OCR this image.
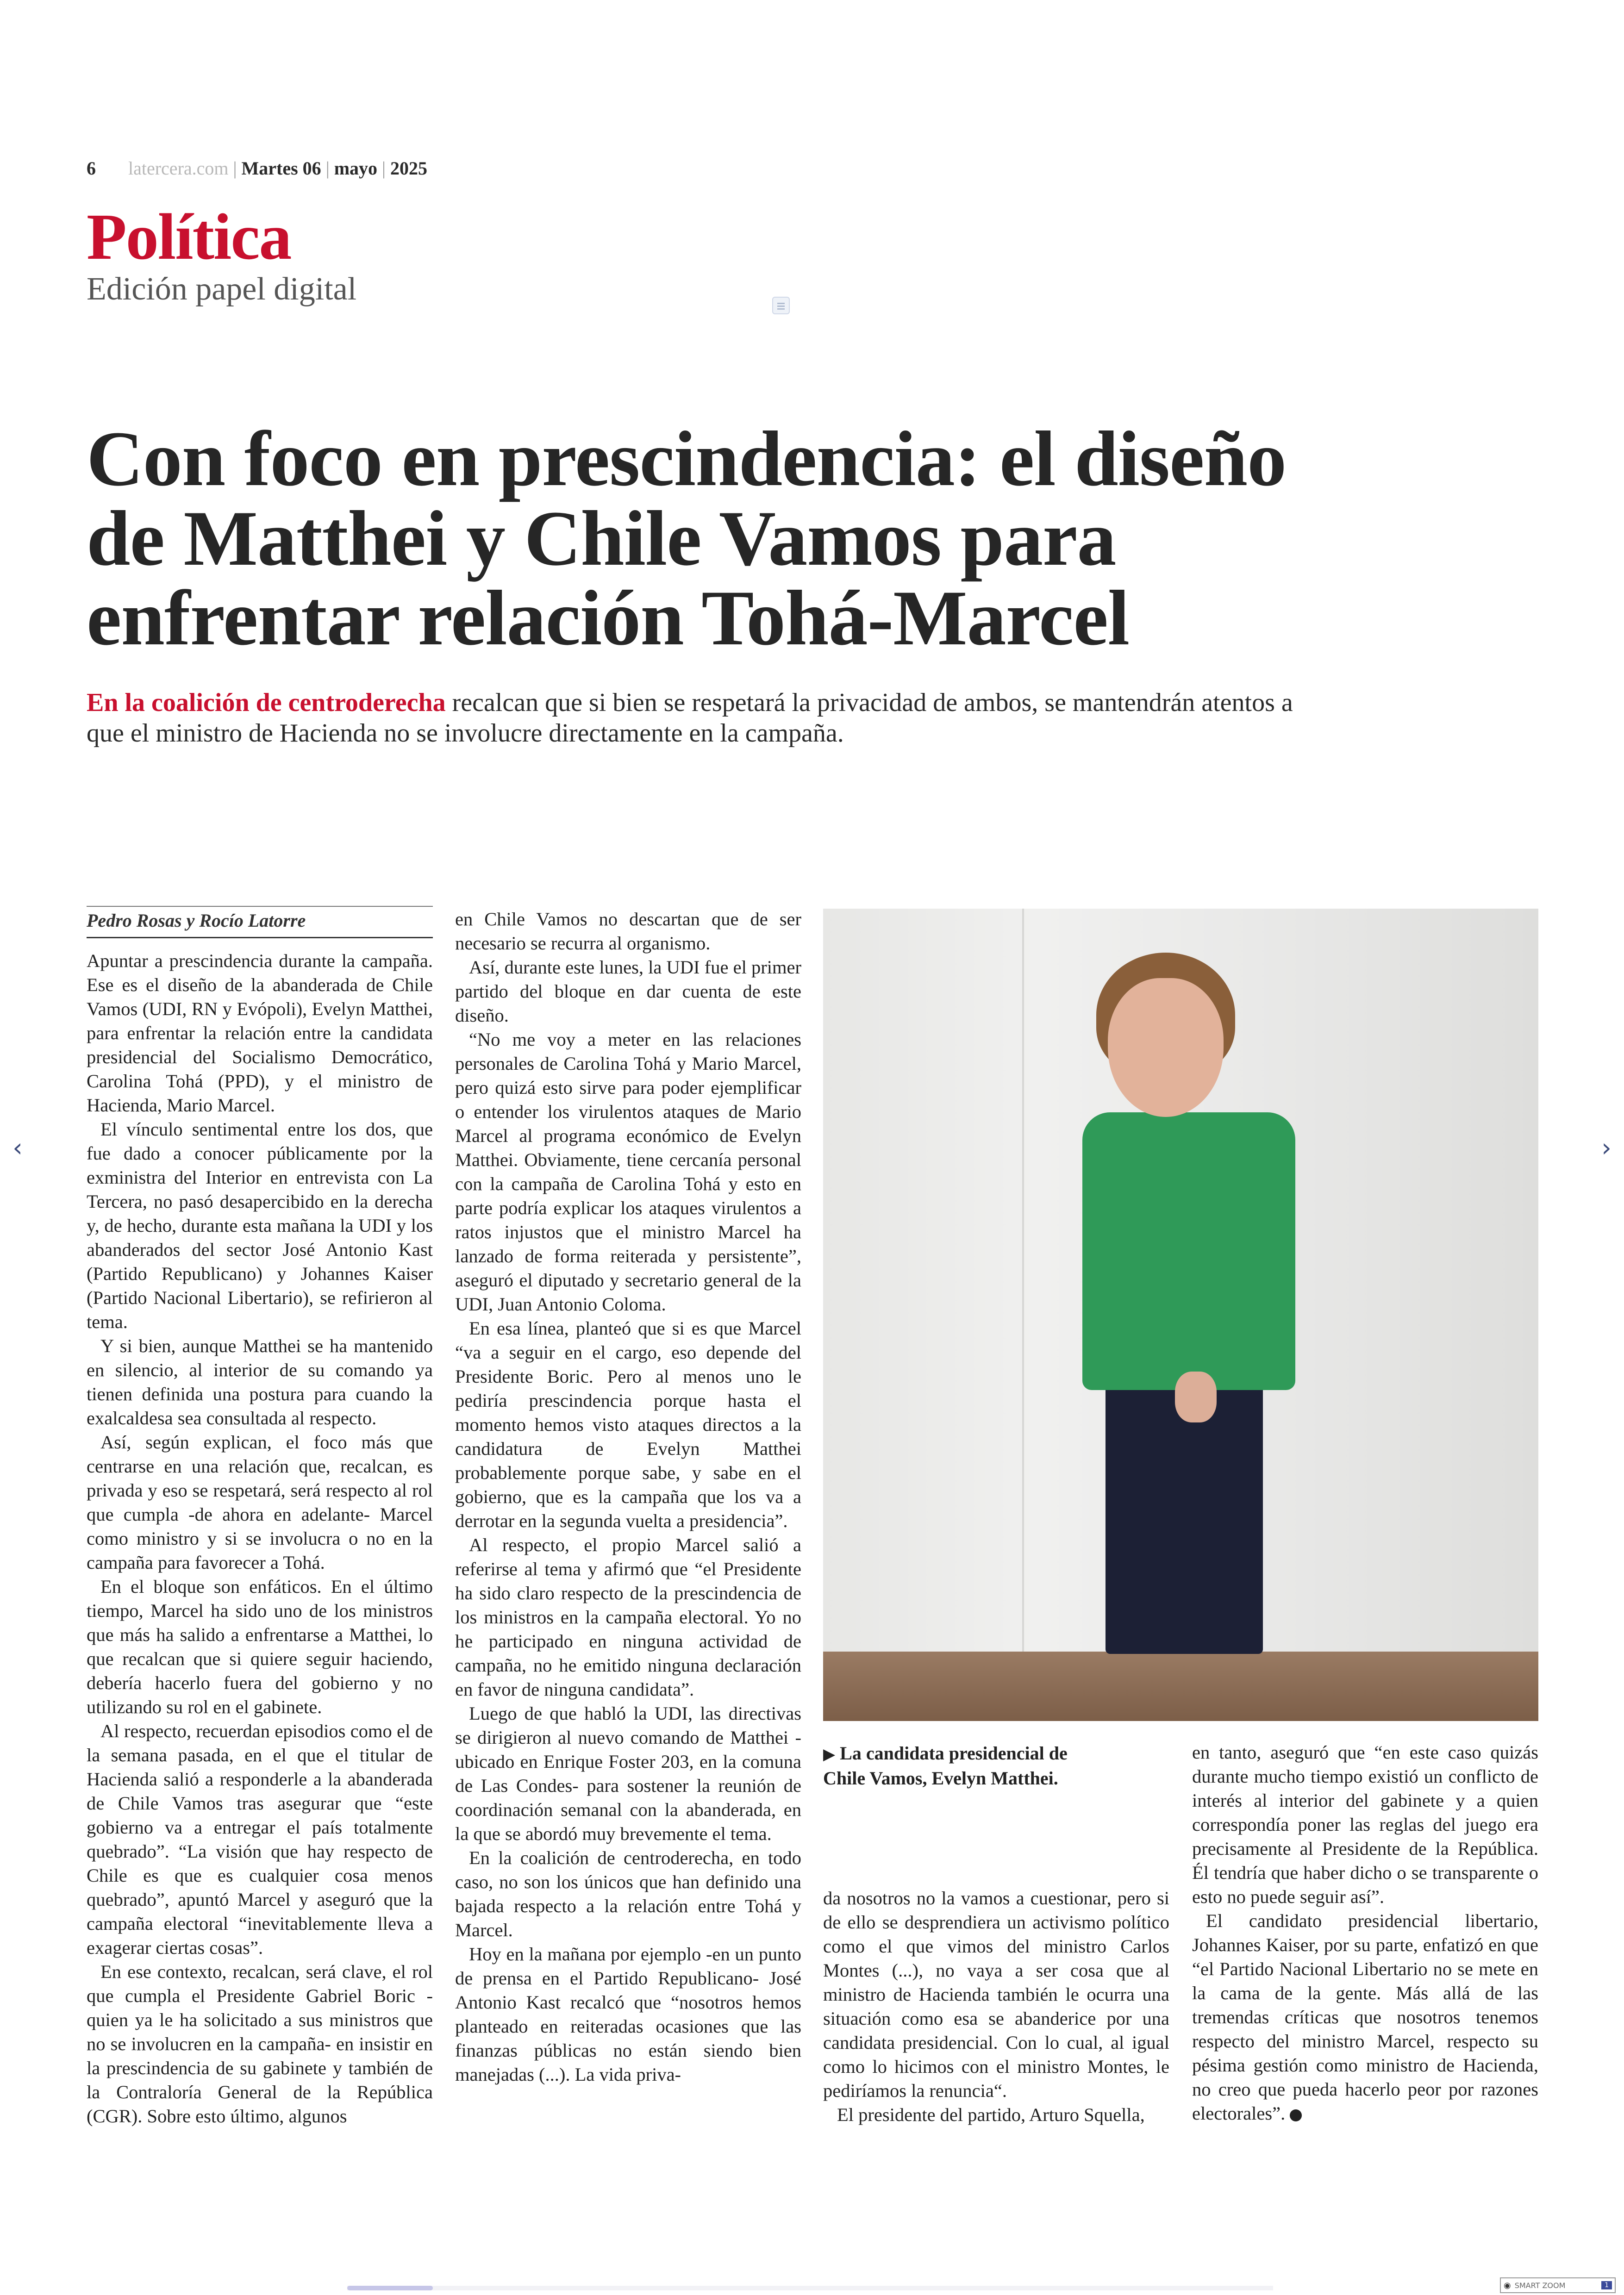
6 latercera.com | Martes 06 | mayo | 2025
Política
Edición papel digital
Con foco en prescindencia: el diseño
de Matthei y Chile Vamos para
enfrentar relación Tohá-Marcel

En la coalición de centroderecha recalcan que si bien se respetará la privacidad de ambos, se mantendrán atentos a que el ministro de Hacienda no se involucre directamente en la campaña.

Pedro Rosas y Rocío Latorre

Apuntar a prescindencia durante la campaña. Ese es el diseño de la abanderada de Chile Vamos (UDI, RN y Evópoli), Evelyn Matthei, para enfrentar la relación entre la candidata presidencial del Socialismo Democrático, Carolina Tohá (PPD), y el ministro de Hacienda, Mario Marcel.

El vínculo sentimental entre los dos, que fue dado a conocer públicamente por la exministra del Interior en entrevista con La Tercera, no pasó desapercibido en la derecha y, de hecho, durante esta mañana la UDI y los abanderados del sector José Antonio Kast (Partido Republicano) y Johannes Kaiser (Partido Nacional Libertario), se refirieron al tema.

Y si bien, aunque Matthei se ha mantenido en silencio, al interior de su comando ya tienen definida una postura para cuando la exalcaldesa sea consultada al respecto.

Así, según explican, el foco más que centrarse en una relación que, recalcan, es privada y eso se respetará, será respecto al rol que cumpla -de ahora en adelante- Marcel como ministro y si se involucra o no en la campaña para favorecer a Tohá.

En el bloque son enfáticos. En el último tiempo, Marcel ha sido uno de los ministros que más ha salido a enfrentarse a Matthei, lo que recalcan que si quiere seguir haciendo, debería hacerlo fuera del gobierno y no utilizando su rol en el gabinete.

Al respecto, recuerdan episodios como el de la semana pasada, en el que el titular de Hacienda salió a responderle a la abanderada de Chile Vamos tras asegurar que “este gobierno va a entregar el país totalmente quebrado”. “La visión que hay respecto de Chile es que es cualquier cosa menos quebrado”, apuntó Marcel y aseguró que la campaña electoral “inevitablemente lleva a exagerar ciertas cosas”.

En ese contexto, recalcan, será clave, el rol que cumpla el Presidente Gabriel Boric -quien ya le ha solicitado a sus ministros que no se involucren en la campaña- en insistir en la prescindencia de su gabinete y también de la Contraloría General de la República (CGR). Sobre esto último, algunos

en Chile Vamos no descartan que de ser necesario se recurra al organismo.

Así, durante este lunes, la UDI fue el primer partido del bloque en dar cuenta de este diseño.

“No me voy a meter en las relaciones personales de Carolina Tohá y Mario Marcel, pero quizá esto sirve para poder ejemplificar o entender los virulentos ataques de Mario Marcel al programa económico de Evelyn Matthei. Obviamente, tiene cercanía personal con la campaña de Carolina Tohá y esto en parte podría explicar los ataques virulentos a ratos injustos que el ministro Marcel ha lanzado de forma reiterada y persistente”, aseguró el diputado y secretario general de la UDI, Juan Antonio Coloma.

En esa línea, planteó que si es que Marcel “va a seguir en el cargo, eso depende del Presidente Boric. Pero al menos uno le pediría prescindencia porque hasta el momento hemos visto ataques directos a la candidatura de Evelyn Matthei probablemente porque sabe, y sabe en el gobierno, que es la campaña que los va a derrotar en la segunda vuelta a presidencia”.

Al respecto, el propio Marcel salió a referirse al tema y afirmó que “el Presidente ha sido claro respecto de la prescindencia de los ministros en la campaña electoral. Yo no he participado en ninguna actividad de campaña, no he emitido ninguna declaración en favor de ninguna candidata”.

Luego de que habló la UDI, las directivas se dirigieron al nuevo comando de Matthei -ubicado en Enrique Foster 203, en la comuna de Las Condes- para sostener la reunión de coordinación semanal con la abanderada, en la que se abordó muy brevemente el tema.

En la coalición de centroderecha, en todo caso, no son los únicos que han definido una bajada respecto a la relación entre Tohá y Marcel.

Hoy en la mañana por ejemplo -en un punto de prensa en el Partido Republicano- José Antonio Kast recalcó que “nosotros hemos planteado en reiteradas ocasiones que las finanzas públicas no están siendo bien manejadas (...). La vida priva-

▶ La candidata presidencial de Chile Vamos, Evelyn Matthei.

da nosotros no la vamos a cuestionar, pero si de ello se desprendiera un activismo político como el que vimos del ministro Carlos Montes (...), no vaya a ser cosa que al ministro de Hacienda también le ocurra una situación como esa se abanderice por una candidata presidencial. Con lo cual, al igual como lo hicimos con el ministro Montes, le pediríamos la renuncia“.

El presidente del partido, Arturo Squella,

en tanto, aseguró que “en este caso quizás durante mucho tiempo existió un conflicto de interés al interior del gabinete y a quien correspondía poner las reglas del juego era precisamente al Presidente de la República. Él tendría que haber dicho o se transparente o esto no puede seguir así”.

El candidato presidencial libertario, Johannes Kaiser, por su parte, enfatizó en que “el Partido Nacional Libertario no se mete en la cama de la gente. Más allá de las tremendas críticas que nosotros tenemos respecto del ministro Marcel, respecto su pésima gestión como ministro de Hacienda, no creo que pueda hacerlo peor por razones electorales”.

‹	›
◉ SMART ZOOM	1
